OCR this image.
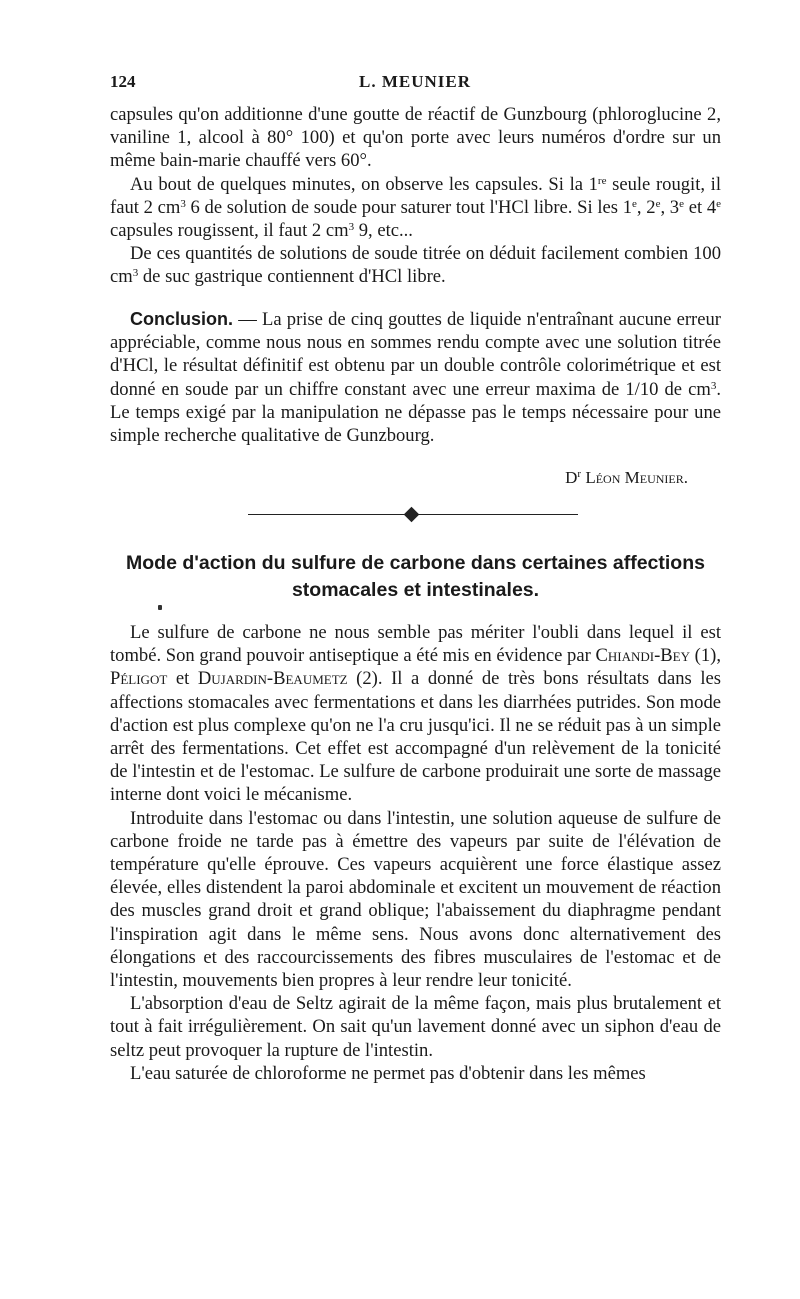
124	L. MEUNIER

capsules qu'on additionne d'une goutte de réactif de Gunzbourg (phloroglucine 2, vaniline 1, alcool à 80° 100) et qu'on porte avec leurs numéros d'ordre sur un même bain-marie chauffé vers 60°.

Au bout de quelques minutes, on observe les capsules. Si la 1re seule rougit, il faut 2 $cm^3$ 6 de solution de soude pour saturer tout l'HCl libre. Si les 1e, 2e, 3e et 4e capsules rougissent, il faut 2 $cm^3$ 9, etc...

De ces quantités de solutions de soude titrée on déduit facilement combien 100 $cm^3$ de suc gastrique contiennent d'HCl libre.

Conclusion. — La prise de cinq gouttes de liquide n'entraînant aucune erreur appréciable, comme nous nous en sommes rendu compte avec une solution titrée d'HCl, le résultat définitif est obtenu par un double contrôle colorimétrique et est donné en soude par un chiffre constant avec une erreur maxima de 1/10 de $cm^3$. Le temps exigé par la manipulation ne dépasse pas le temps nécessaire pour une simple recherche qualitative de Gunzbourg.

$D^r$ Léon Meunier.
Mode d'action du sulfure de carbone dans certaines affections stomacales et intestinales.

Le sulfure de carbone ne nous semble pas mériter l'oubli dans lequel il est tombé. Son grand pouvoir antiseptique a été mis en évidence par Chiandi-Bey (1), Péligot et Dujardin-Beaumetz (2). Il a donné de très bons résultats dans les affections stomacales avec fermentations et dans les diarrhées putrides. Son mode d'action est plus complexe qu'on ne l'a cru jusqu'ici. Il ne se réduit pas à un simple arrêt des fermentations. Cet effet est accompagné d'un relèvement de la tonicité de l'intestin et de l'estomac. Le sulfure de carbone produirait une sorte de massage interne dont voici le mécanisme.

Introduite dans l'estomac ou dans l'intestin, une solution aqueuse de sulfure de carbone froide ne tarde pas à émettre des vapeurs par suite de l'élévation de température qu'elle éprouve. Ces vapeurs acquièrent une force élastique assez élevée, elles distendent la paroi abdominale et excitent un mouvement de réaction des muscles grand droit et grand oblique; l'abaissement du diaphragme pendant l'inspiration agit dans le même sens. Nous avons donc alternativement des élongations et des raccourcissements des fibres musculaires de l'estomac et de l'intestin, mouvements bien propres à leur rendre leur tonicité.

L'absorption d'eau de Seltz agirait de la même façon, mais plus brutalement et tout à fait irrégulièrement. On sait qu'un lavement donné avec un siphon d'eau de seltz peut provoquer la rupture de l'intestin.

L'eau saturée de chloroforme ne permet pas d'obtenir dans les mêmes
